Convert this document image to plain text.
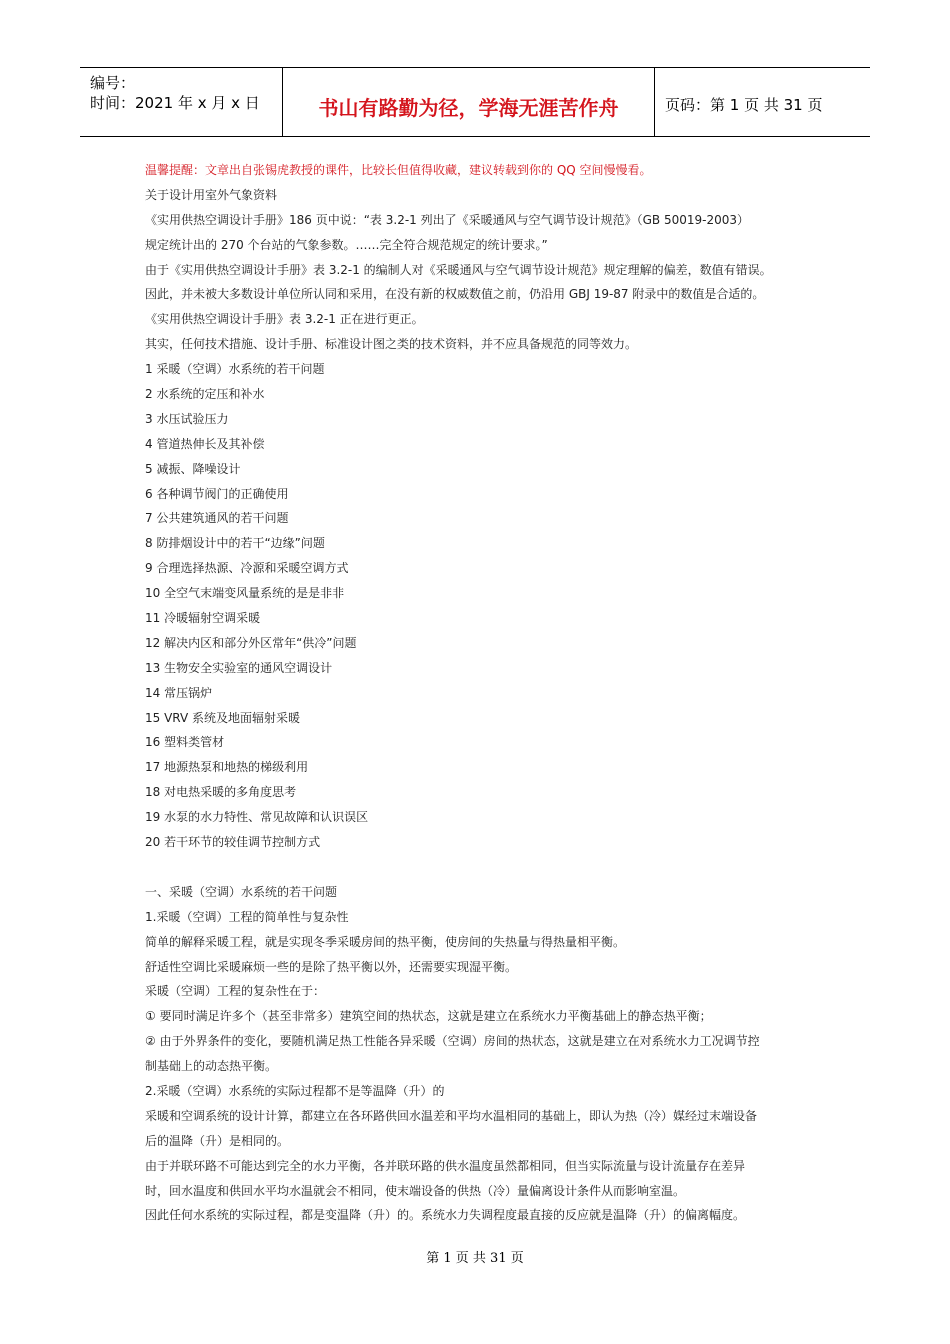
编号：
时间：2021 年 x 月 x 日	书山有路勤为径，学海无涯苦作舟	页码：第 1 页 共 31 页
温馨提醒：文章出自张锡虎教授的课件，比较长但值得收藏，建议转载到你的 QQ 空间慢慢看。
关于设计用室外气象资料
《实用供热空调设计手册》186 页中说：“表 3.2-1 列出了《采暖通风与空气调节设计规范》（GB 50019-2003）
规定统计出的 270 个台站的气象参数。……完全符合规范规定的统计要求。”
由于《实用供热空调设计手册》表 3.2-1 的编制人对《采暖通风与空气调节设计规范》规定理解的偏差，数值有错误。
因此，并未被大多数设计单位所认同和采用，在没有新的权威数值之前，仍沿用 GBJ 19-87 附录中的数值是合适的。
《实用供热空调设计手册》表 3.2-1 正在进行更正。
其实，任何技术措施、设计手册、标准设计图之类的技术资料，并不应具备规范的同等效力。
1 采暖（空调）水系统的若干问题
2 水系统的定压和补水
3 水压试验压力
4 管道热伸长及其补偿
5 减振、降噪设计
6 各种调节阀门的正确使用
7 公共建筑通风的若干问题
8 防排烟设计中的若干“边缘”问题
9 合理选择热源、冷源和采暖空调方式
10 全空气末端变风量系统的是是非非
11 冷暖辐射空调采暖
12 解决内区和部分外区常年“供冷”问题
13 生物安全实验室的通风空调设计
14 常压锅炉
15 VRV 系统及地面辐射采暖
16 塑料类管材
17 地源热泵和地热的梯级利用
18 对电热采暖的多角度思考
19 水泵的水力特性、常见故障和认识误区
20 若干环节的较佳调节控制方式
一、采暖（空调）水系统的若干问题
1.采暖（空调）工程的简单性与复杂性
简单的解释采暖工程，就是实现冬季采暖房间的热平衡，使房间的失热量与得热量相平衡。
舒适性空调比采暖麻烦一些的是除了热平衡以外，还需要实现湿平衡。
采暖（空调）工程的复杂性在于：
① 要同时满足许多个（甚至非常多）建筑空间的热状态，这就是建立在系统水力平衡基础上的静态热平衡；
② 由于外界条件的变化，要随机满足热工性能各异采暖（空调）房间的热状态，这就是建立在对系统水力工况调节控
制基础上的动态热平衡。
2.采暖（空调）水系统的实际过程都不是等温降（升）的
采暖和空调系统的设计计算，都建立在各环路供回水温差和平均水温相同的基础上，即认为热（冷）媒经过末端设备
后的温降（升）是相同的。
由于并联环路不可能达到完全的水力平衡，各并联环路的供水温度虽然都相同，但当实际流量与设计流量存在差异
时，回水温度和供回水平均水温就会不相同，使末端设备的供热（冷）量偏离设计条件从而影响室温。
因此任何水系统的实际过程，都是变温降（升）的。系统水力失调程度最直接的反应就是温降（升）的偏离幅度。
第 1 页 共 31 页
